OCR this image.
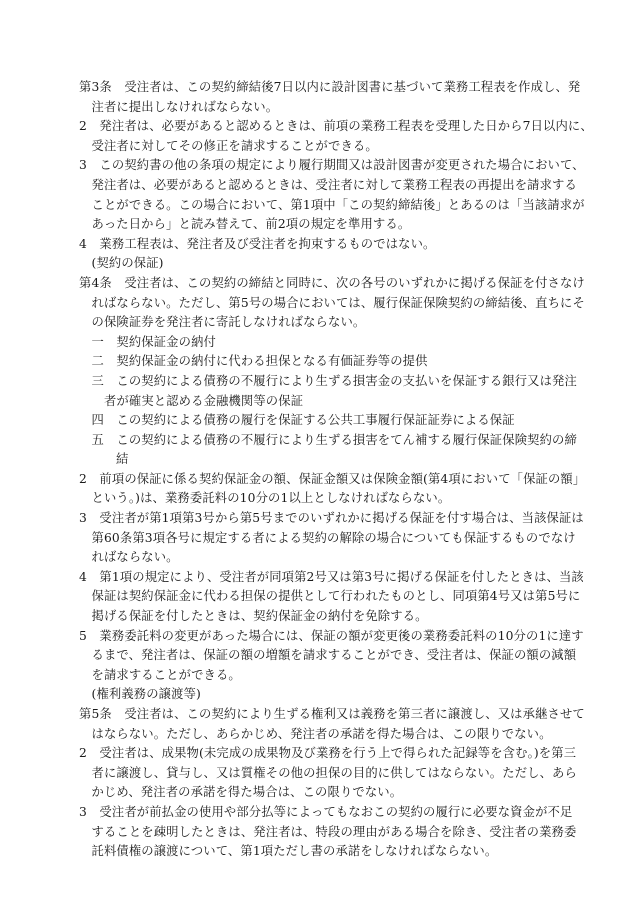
第3条　受注者は、この契約締結後7日以内に設計図書に基づいて業務工程表を作成し、発
注者に提出しなければならない。
2　発注者は、必要があると認めるときは、前項の業務工程表を受理した日から7日以内に、
受注者に対してその修正を請求することができる。
3　この契約書の他の条項の規定により履行期間又は設計図書が変更された場合において、
発注者は、必要があると認めるときは、受注者に対して業務工程表の再提出を請求する
ことができる。この場合において、第1項中「この契約締結後」とあるのは「当該請求が
あった日から」と読み替えて、前2項の規定を準用する。
4　業務工程表は、発注者及び受注者を拘束するものではない。
(契約の保証)
第4条　受注者は、この契約の締結と同時に、次の各号のいずれかに掲げる保証を付さなけ
ればならない。ただし、第5号の場合においては、履行保証保険契約の締結後、直ちにそ
の保険証券を発注者に寄託しなければならない。
一　契約保証金の納付
二　契約保証金の納付に代わる担保となる有価証券等の提供
三　この契約による債務の不履行により生ずる損害金の支払いを保証する銀行又は発注
者が確実と認める金融機関等の保証
四　この契約による債務の履行を保証する公共工事履行保証証券による保証
五　この契約による債務の不履行により生ずる損害をてん補する履行保証保険契約の締
結
2　前項の保証に係る契約保証金の額、保証金額又は保険金額(第4項において「保証の額」
という。)は、業務委託料の10分の1以上としなければならない。
3　受注者が第1項第3号から第5号までのいずれかに掲げる保証を付す場合は、当該保証は
第60条第3項各号に規定する者による契約の解除の場合についても保証するものでなけ
ればならない。
4　第1項の規定により、受注者が同項第2号又は第3号に掲げる保証を付したときは、当該
保証は契約保証金に代わる担保の提供として行われたものとし、同項第4号又は第5号に
掲げる保証を付したときは、契約保証金の納付を免除する。
5　業務委託料の変更があった場合には、保証の額が変更後の業務委託料の10分の1に達す
るまで、発注者は、保証の額の増額を請求することができ、受注者は、保証の額の減額
を請求することができる。
(権利義務の譲渡等)
第5条　受注者は、この契約により生ずる権利又は義務を第三者に譲渡し、又は承継させて
はならない。ただし、あらかじめ、発注者の承諾を得た場合は、この限りでない。
2　受注者は、成果物(未完成の成果物及び業務を行う上で得られた記録等を含む。)を第三
者に譲渡し、貸与し、又は質権その他の担保の目的に供してはならない。ただし、あら
かじめ、発注者の承諾を得た場合は、この限りでない。
3　受注者が前払金の使用や部分払等によってもなおこの契約の履行に必要な資金が不足
することを疎明したときは、発注者は、特段の理由がある場合を除き、受注者の業務委
託料債権の譲渡について、第1項ただし書の承諾をしなければならない。
